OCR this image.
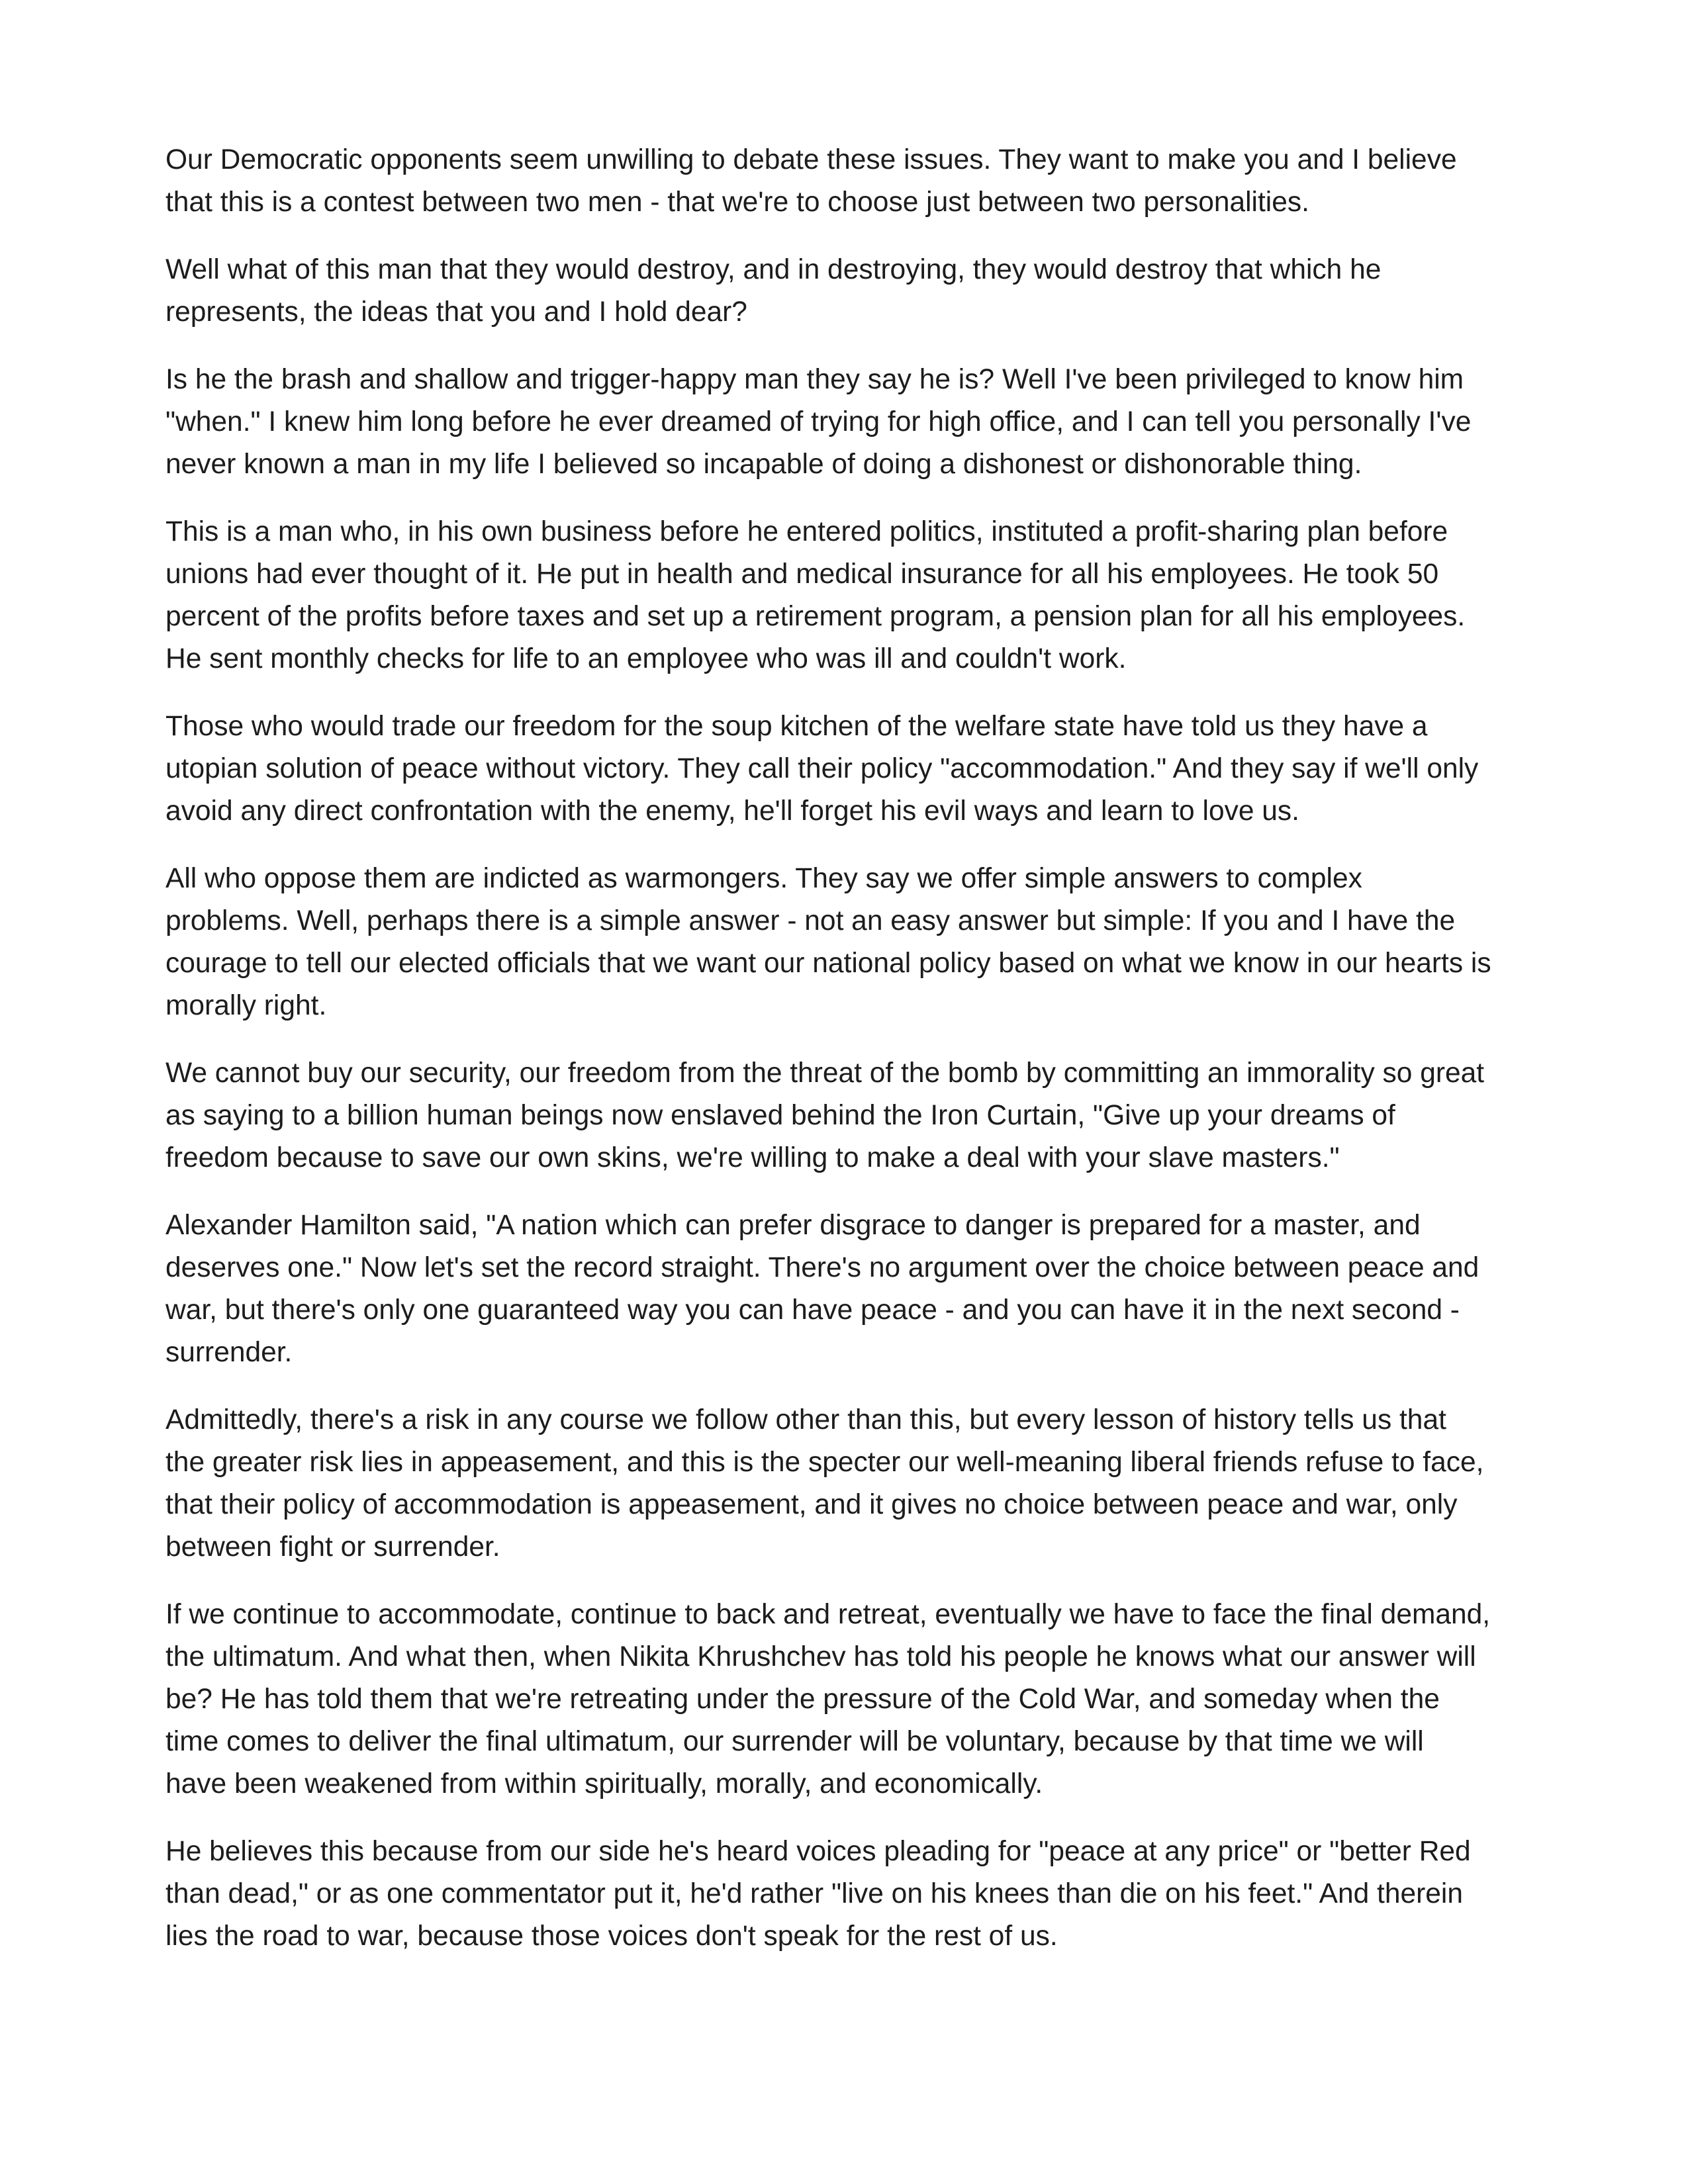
Our Democratic opponents seem unwilling to debate these issues. They want to make you and I believe
that this is a contest between two men - that we're to choose just between two personalities.

Well what of this man that they would destroy, and in destroying, they would destroy that which he
represents, the ideas that you and I hold dear?

Is he the brash and shallow and trigger-happy man they say he is? Well I've been privileged to know him
"when." I knew him long before he ever dreamed of trying for high office, and I can tell you personally I've
never known a man in my life I believed so incapable of doing a dishonest or dishonorable thing.

This is a man who, in his own business before he entered politics, instituted a profit-sharing plan before
unions had ever thought of it. He put in health and medical insurance for all his employees. He took 50
percent of the profits before taxes and set up a retirement program, a pension plan for all his employees.
He sent monthly checks for life to an employee who was ill and couldn't work.

Those who would trade our freedom for the soup kitchen of the welfare state have told us they have a
utopian solution of peace without victory. They call their policy "accommodation." And they say if we'll only
avoid any direct confrontation with the enemy, he'll forget his evil ways and learn to love us.

All who oppose them are indicted as warmongers. They say we offer simple answers to complex
problems. Well, perhaps there is a simple answer - not an easy answer but simple: If you and I have the
courage to tell our elected officials that we want our national policy based on what we know in our hearts is
morally right.

We cannot buy our security, our freedom from the threat of the bomb by committing an immorality so great
as saying to a billion human beings now enslaved behind the Iron Curtain, "Give up your dreams of
freedom because to save our own skins, we're willing to make a deal with your slave masters."

Alexander Hamilton said, "A nation which can prefer disgrace to danger is prepared for a master, and
deserves one." Now let's set the record straight. There's no argument over the choice between peace and
war, but there's only one guaranteed way you can have peace - and you can have it in the next second -
surrender.

Admittedly, there's a risk in any course we follow other than this, but every lesson of history tells us that
the greater risk lies in appeasement, and this is the specter our well-meaning liberal friends refuse to face,
that their policy of accommodation is appeasement, and it gives no choice between peace and war, only
between fight or surrender.

If we continue to accommodate, continue to back and retreat, eventually we have to face the final demand,
the ultimatum. And what then, when Nikita Khrushchev has told his people he knows what our answer will
be? He has told them that we're retreating under the pressure of the Cold War, and someday when the
time comes to deliver the final ultimatum, our surrender will be voluntary, because by that time we will
have been weakened from within spiritually, morally, and economically.

He believes this because from our side he's heard voices pleading for "peace at any price" or "better Red
than dead," or as one commentator put it, he'd rather "live on his knees than die on his feet." And therein
lies the road to war, because those voices don't speak for the rest of us.
